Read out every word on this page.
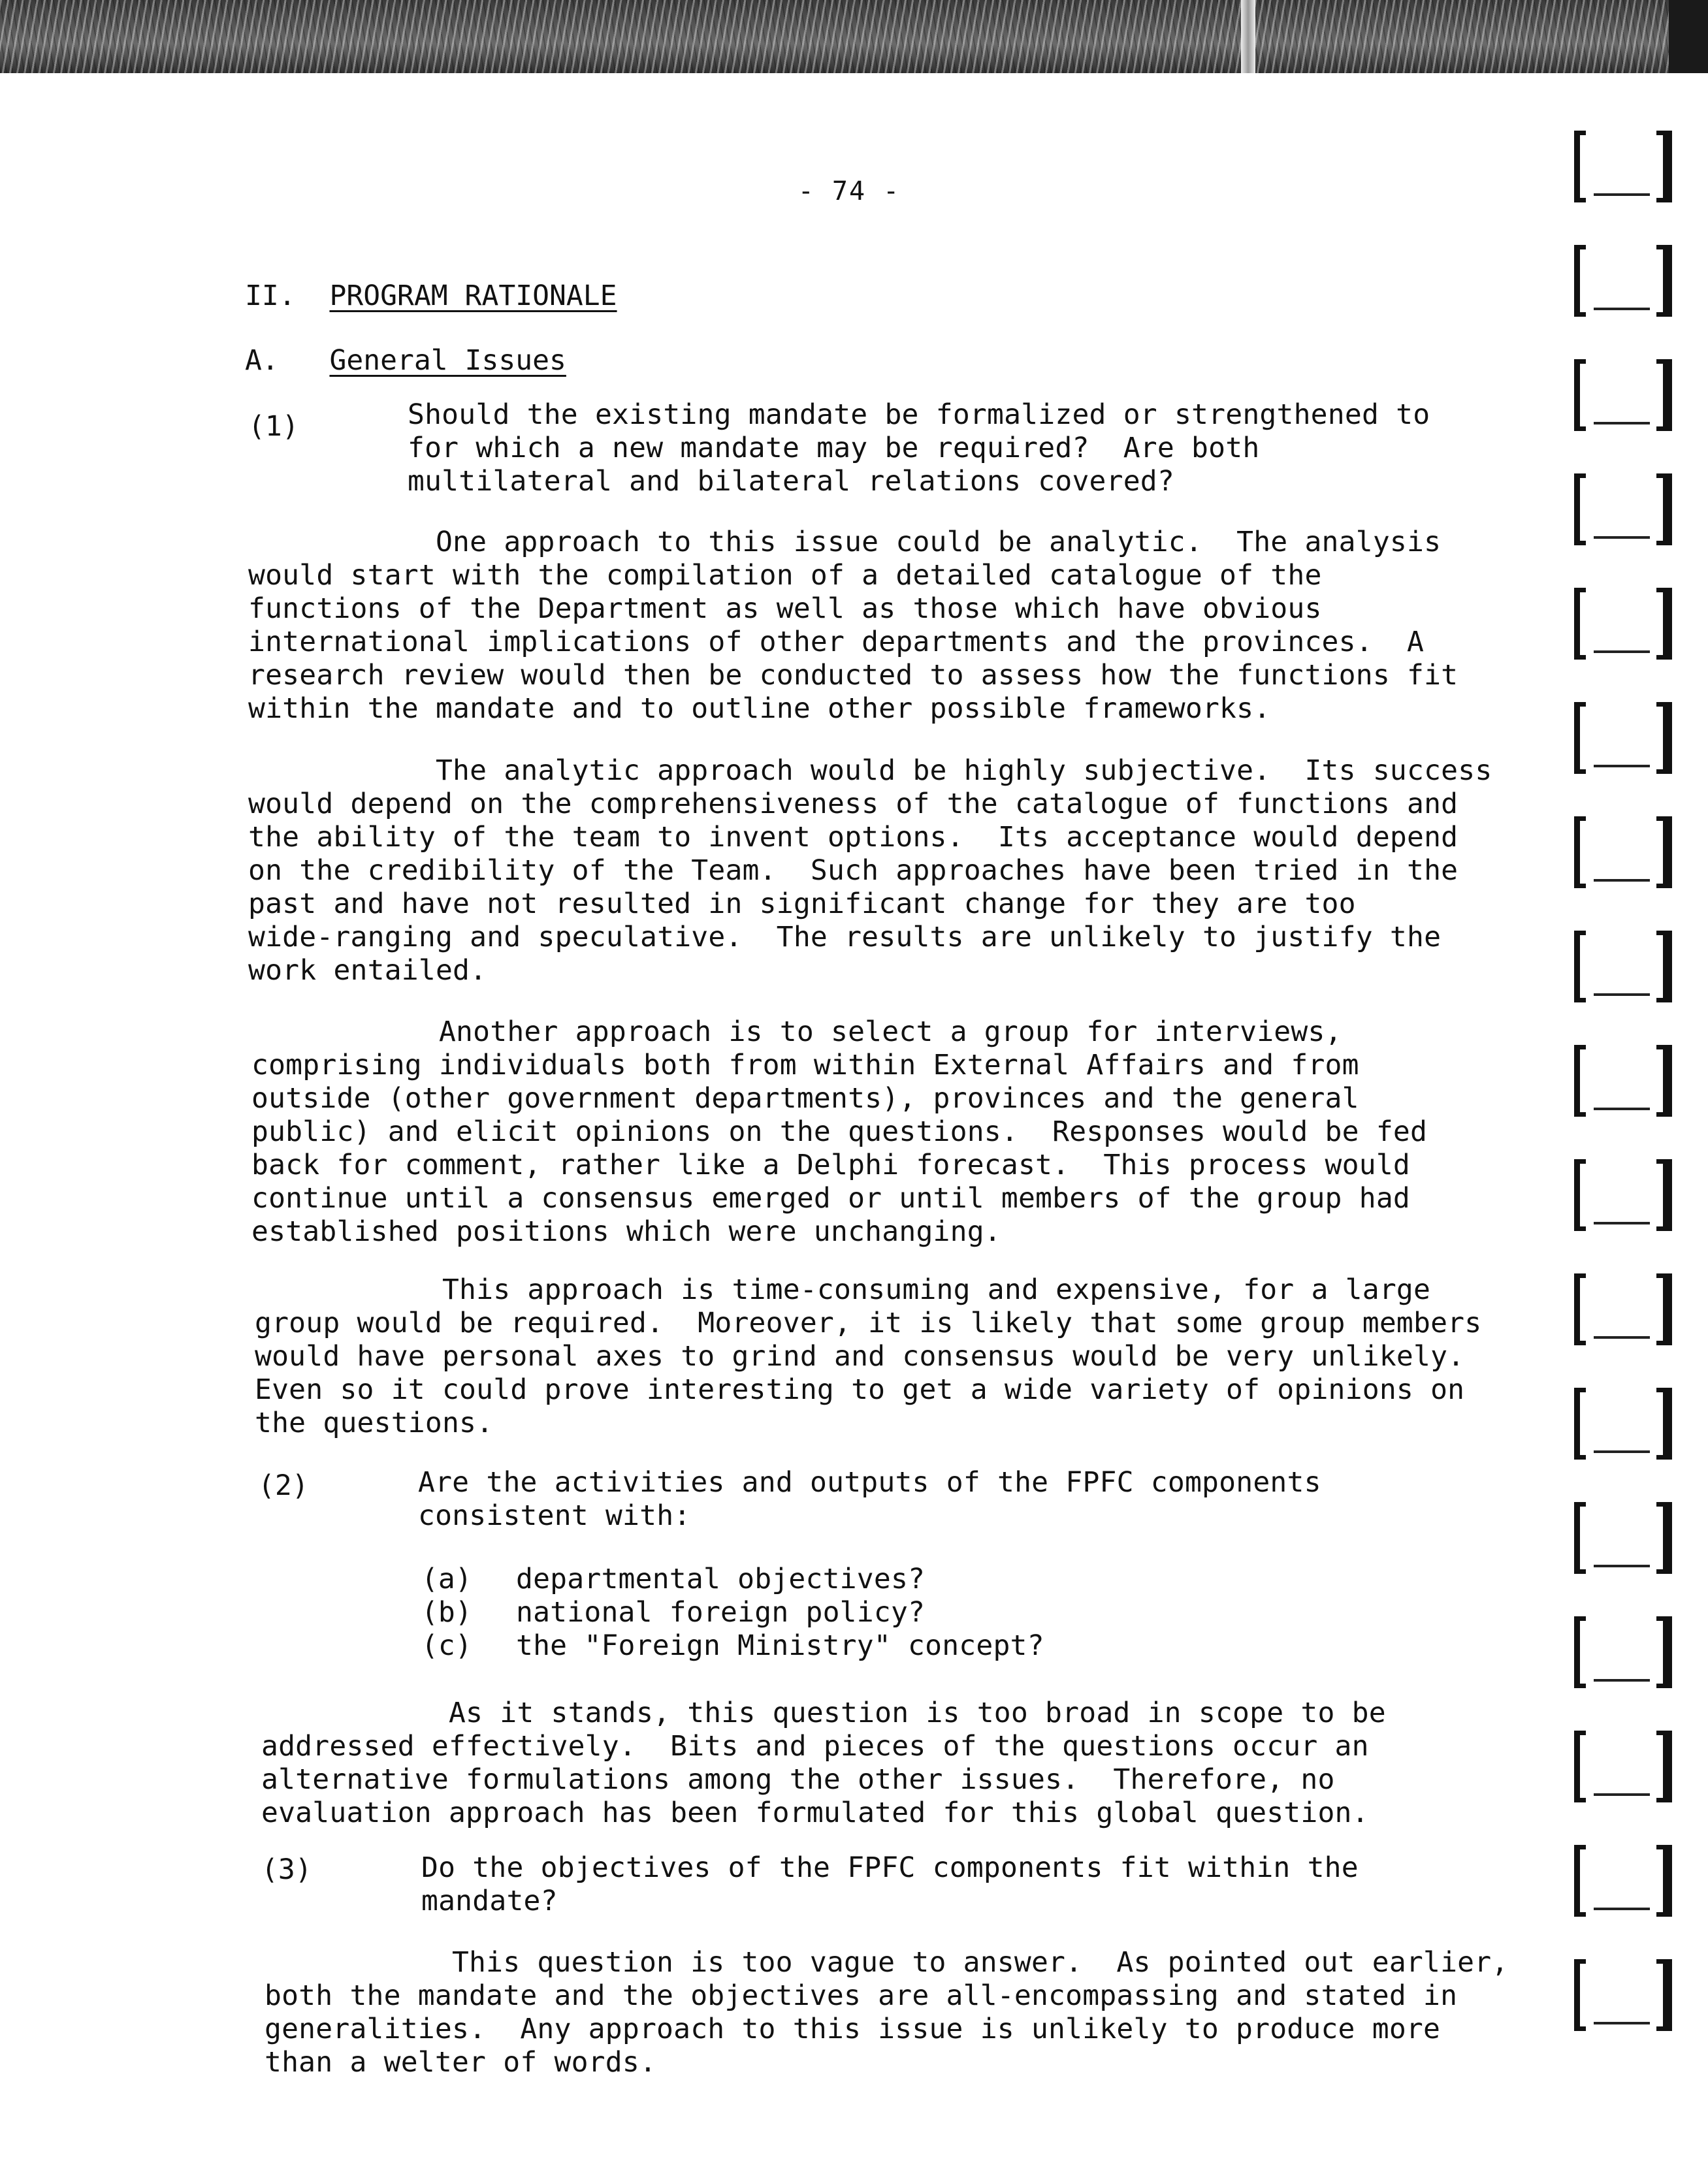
- 74 -
II. PROGRAM RATIONALE
A. General Issues
(1)	Should the existing mandate be formalized or strengthened to
for which a new mandate may be required?  Are both
multilateral and bilateral relations covered?
One approach to this issue could be analytic.  The analysis
would start with the compilation of a detailed catalogue of the
functions of the Department as well as those which have obvious
international implications of other departments and the provinces.  A
research review would then be conducted to assess how the functions fit
within the mandate and to outline other possible frameworks.
The analytic approach would be highly subjective.  Its success
would depend on the comprehensiveness of the catalogue of functions and
the ability of the team to invent options.  Its acceptance would depend
on the credibility of the Team.  Such approaches have been tried in the
past and have not resulted in significant change for they are too
wide-ranging and speculative.  The results are unlikely to justify the
work entailed.
Another approach is to select a group for interviews,
comprising individuals both from within External Affairs and from
outside (other government departments), provinces and the general
public) and elicit opinions on the questions.  Responses would be fed
back for comment, rather like a Delphi forecast.  This process would
continue until a consensus emerged or until members of the group had
established positions which were unchanging.
This approach is time-consuming and expensive, for a large
group would be required.  Moreover, it is likely that some group members
would have personal axes to grind and consensus would be very unlikely.
Even so it could prove interesting to get a wide variety of opinions on
the questions.
(2)	Are the activities and outputs of the FPFC components
consistent with:
(a) departmental objectives?
(b) national foreign policy?
(c) the "Foreign Ministry" concept?
As it stands, this question is too broad in scope to be
addressed effectively.  Bits and pieces of the questions occur an
alternative formulations among the other issues.  Therefore, no
evaluation approach has been formulated for this global question.
(3)	Do the objectives of the FPFC components fit within the
mandate?
This question is too vague to answer.  As pointed out earlier,
both the mandate and the objectives are all-encompassing and stated in
generalities.  Any approach to this issue is unlikely to produce more
than a welter of words.
